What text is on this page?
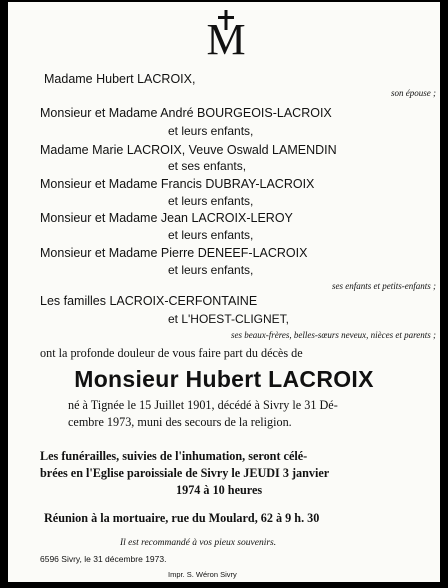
M
Madame Hubert LACROIX,
son épouse ;
Monsieur et Madame André BOURGEOIS-LACROIX
et leurs enfants,
Madame Marie LACROIX, Veuve Oswald LAMENDIN
et ses enfants,
Monsieur et Madame Francis DUBRAY-LACROIX
et leurs enfants,
Monsieur et Madame Jean LACROIX-LEROY
et leurs enfants,
Monsieur et Madame Pierre DENEEF-LACROIX
et leurs enfants,
ses enfants et petits-enfants ;
Les familles LACROIX-CERFONTAINE
et L'HOEST-CLIGNET,
ses beaux-frères, belles-sœurs neveux, nièces et parents ;
ont la profonde douleur de vous faire part du décès de
Monsieur Hubert LACROIX
né à Tignée le 15 Juillet 1901, décédé à Sivry le 31 Dé-
cembre 1973, muni des secours de la religion.
Les funérailles, suivies de l'inhumation, seront célé-
brées en l'Eglise paroissiale de Sivry le JEUDI 3 janvier
1974 à 10 heures
Réunion à la mortuaire, rue du Moulard, 62 à 9 h. 30
Il est recommandé à vos pieux souvenirs.
6596 Sivry, le 31 décembre 1973.
Impr. S. Wéron Sivry
